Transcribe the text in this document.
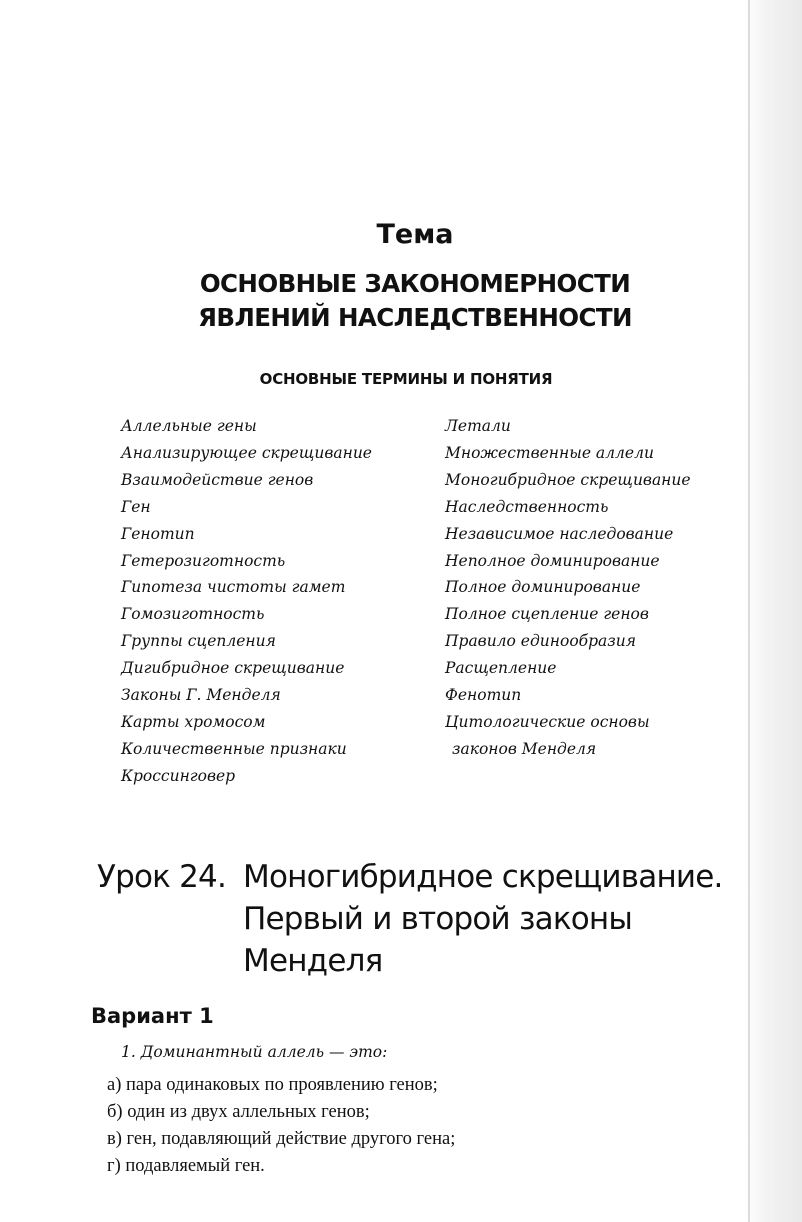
Тема
ОСНОВНЫЕ ЗАКОНОМЕРНОСТИ
ЯВЛЕНИЙ НАСЛЕДСТВЕННОСТИ
ОСНОВНЫЕ ТЕРМИНЫ И ПОНЯТИЯ
Аллельные гены
Анализирующее скрещивание
Взаимодействие генов
Ген
Генотип
Гетерозиготность
Гипотеза чистоты гамет
Гомозиготность
Группы сцепления
Дигибридное скрещивание
Законы Г. Менделя
Карты хромосом
Количественные признаки
Кроссинговер
Летали
Множественные аллели
Моногибридное скрещивание
Наследственность
Независимое наследование
Неполное доминирование
Полное доминирование
Полное сцепление генов
Правило единообразия
Расщепление
Фенотип
Цитологические основы
законов Менделя
Урок 24. Моногибридное скрещивание.
Первый и второй законы
Менделя
Вариант 1
1. Доминантный аллель — это:
а) пара одинаковых по проявлению генов;
б) один из двух аллельных генов;
в) ген, подавляющий действие другого гена;
г) подавляемый ген.
